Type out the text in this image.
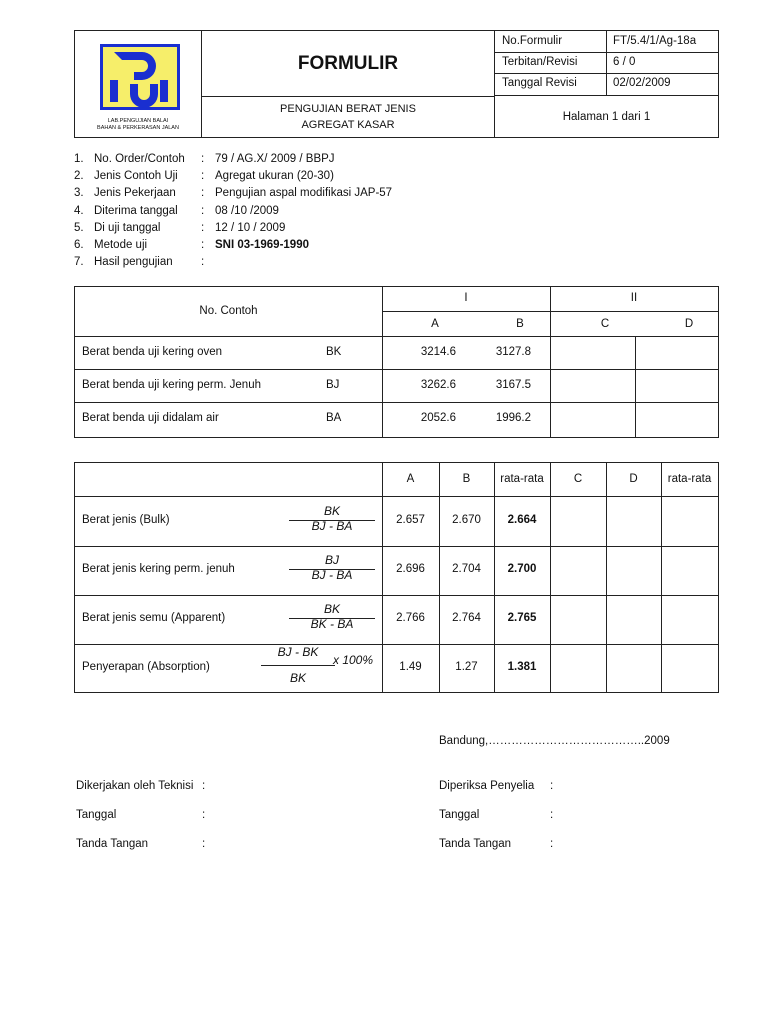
LAB.PENGUJIAN BALAI
BAHAN & PERKERASAN JALAN
FORMULIR
PENGUJIAN BERAT JENIS
AGREGAT KASAR
No.Formulir	FT/5.4/1/Ag-18a
Terbitan/Revisi	6 / 0
Tanggal Revisi	02/02/2009
Halaman 1 dari 1
1. No. Order/Contoh : 79 / AG.X/ 2009 / BBPJ
2. Jenis Contoh Uji : Agregat ukuran (20-30)
3. Jenis Pekerjaan : Pengujian aspal modifikasi JAP-57
4. Diterima tanggal : 08 /10 /2009
5. Di uji tanggal	: 12 / 10 / 2009
6. Metode uji	: SNI 03-1969-1990
7. Hasil pengujian :
No. Contoh
I	II
A	B	C	D
Berat benda uji kering oven	BK	3214.6	3127.8
Berat benda uji kering perm. Jenuh	BJ	3262.6	3167.5
Berat benda uji didalam air	BA	2052.6	1996.2
A	B	rata-rata	C	D	rata-rata
Berat jenis (Bulk)
BK
BJ - BA	2.657	2.670	2.664
Berat jenis kering perm. jenuh
BJ
BJ - BA	2.696	2.704	2.700
Berat jenis semu (Apparent)
BK
BK - BA	2.766	2.764	2.765
Penyerapan (Absorption)
BJ - BK
BK
x 100%	1.49	1.27	1.381
Bandung,…………………………………..2009
Dikerjakan oleh Teknisi :
Tanggal	:
Tanda Tangan	:
Diperiksa Penyelia :
Tanggal	:
Tanda Tangan	:
